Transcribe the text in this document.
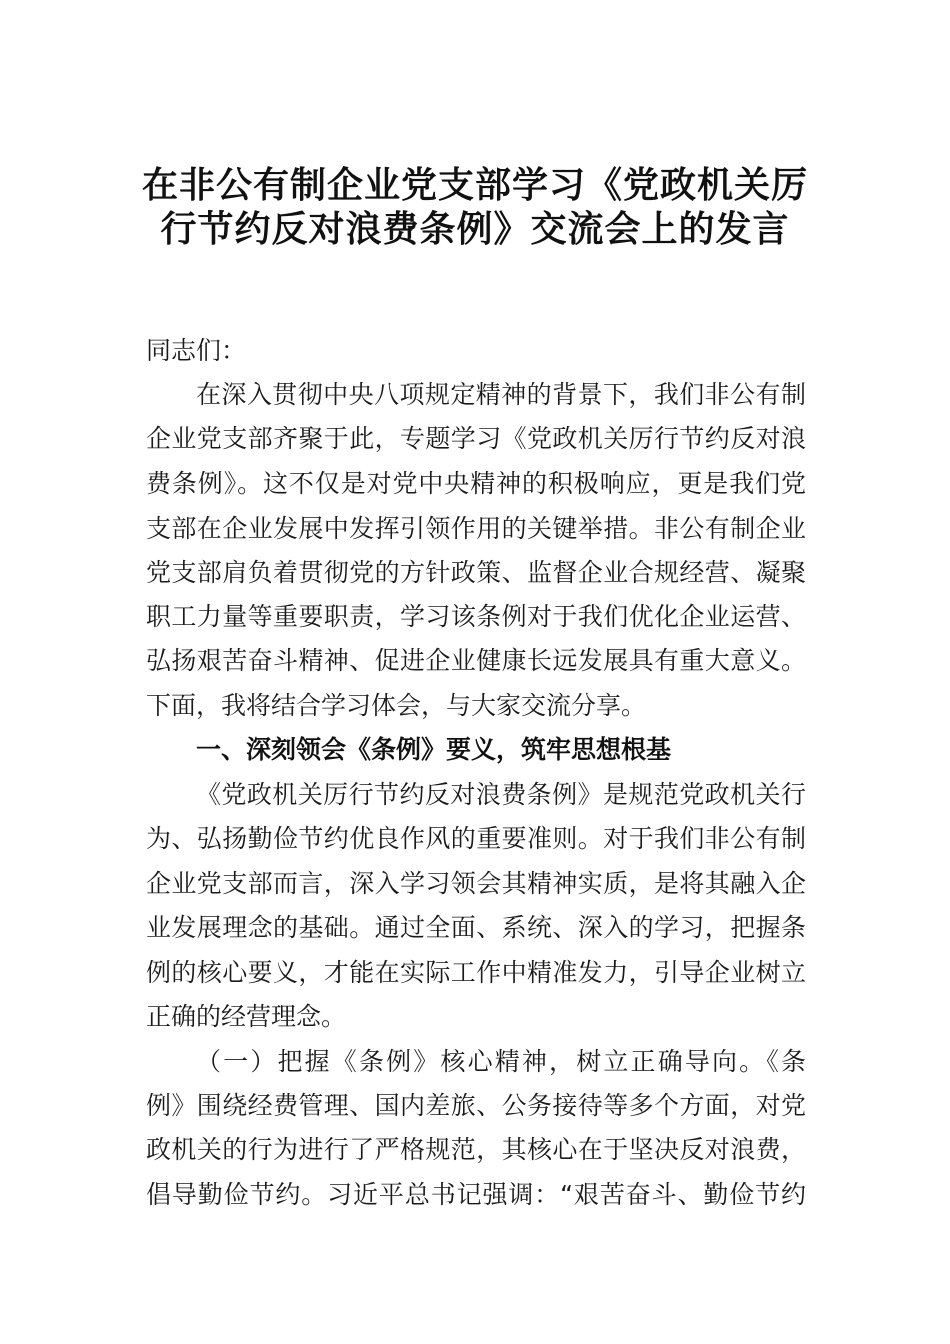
在非公有制企业党支部学习《党政机关厉
行节约反对浪费条例》交流会上的发言
同志们：
在深入贯彻中央八项规定精神的背景下，我们非公有制
企业党支部齐聚于此，专题学习《党政机关厉行节约反对浪
费条例》。这不仅是对党中央精神的积极响应，更是我们党
支部在企业发展中发挥引领作用的关键举措。非公有制企业
党支部肩负着贯彻党的方针政策、监督企业合规经营、凝聚
职工力量等重要职责，学习该条例对于我们优化企业运营、
弘扬艰苦奋斗精神、促进企业健康长远发展具有重大意义。
下面，我将结合学习体会，与大家交流分享。
一、深刻领会《条例》要义，筑牢思想根基
《党政机关厉行节约反对浪费条例》是规范党政机关行
为、弘扬勤俭节约优良作风的重要准则。对于我们非公有制
企业党支部而言，深入学习领会其精神实质，是将其融入企
业发展理念的基础。通过全面、系统、深入的学习，把握条
例的核心要义，才能在实际工作中精准发力，引导企业树立
正确的经营理念。
（一）把握《条例》核心精神，树立正确导向。《条
例》围绕经费管理、国内差旅、公务接待等多个方面，对党
政机关的行为进行了严格规范，其核心在于坚决反对浪费，
倡导勤俭节约。习近平总书记强调：“艰苦奋斗、勤俭节约
